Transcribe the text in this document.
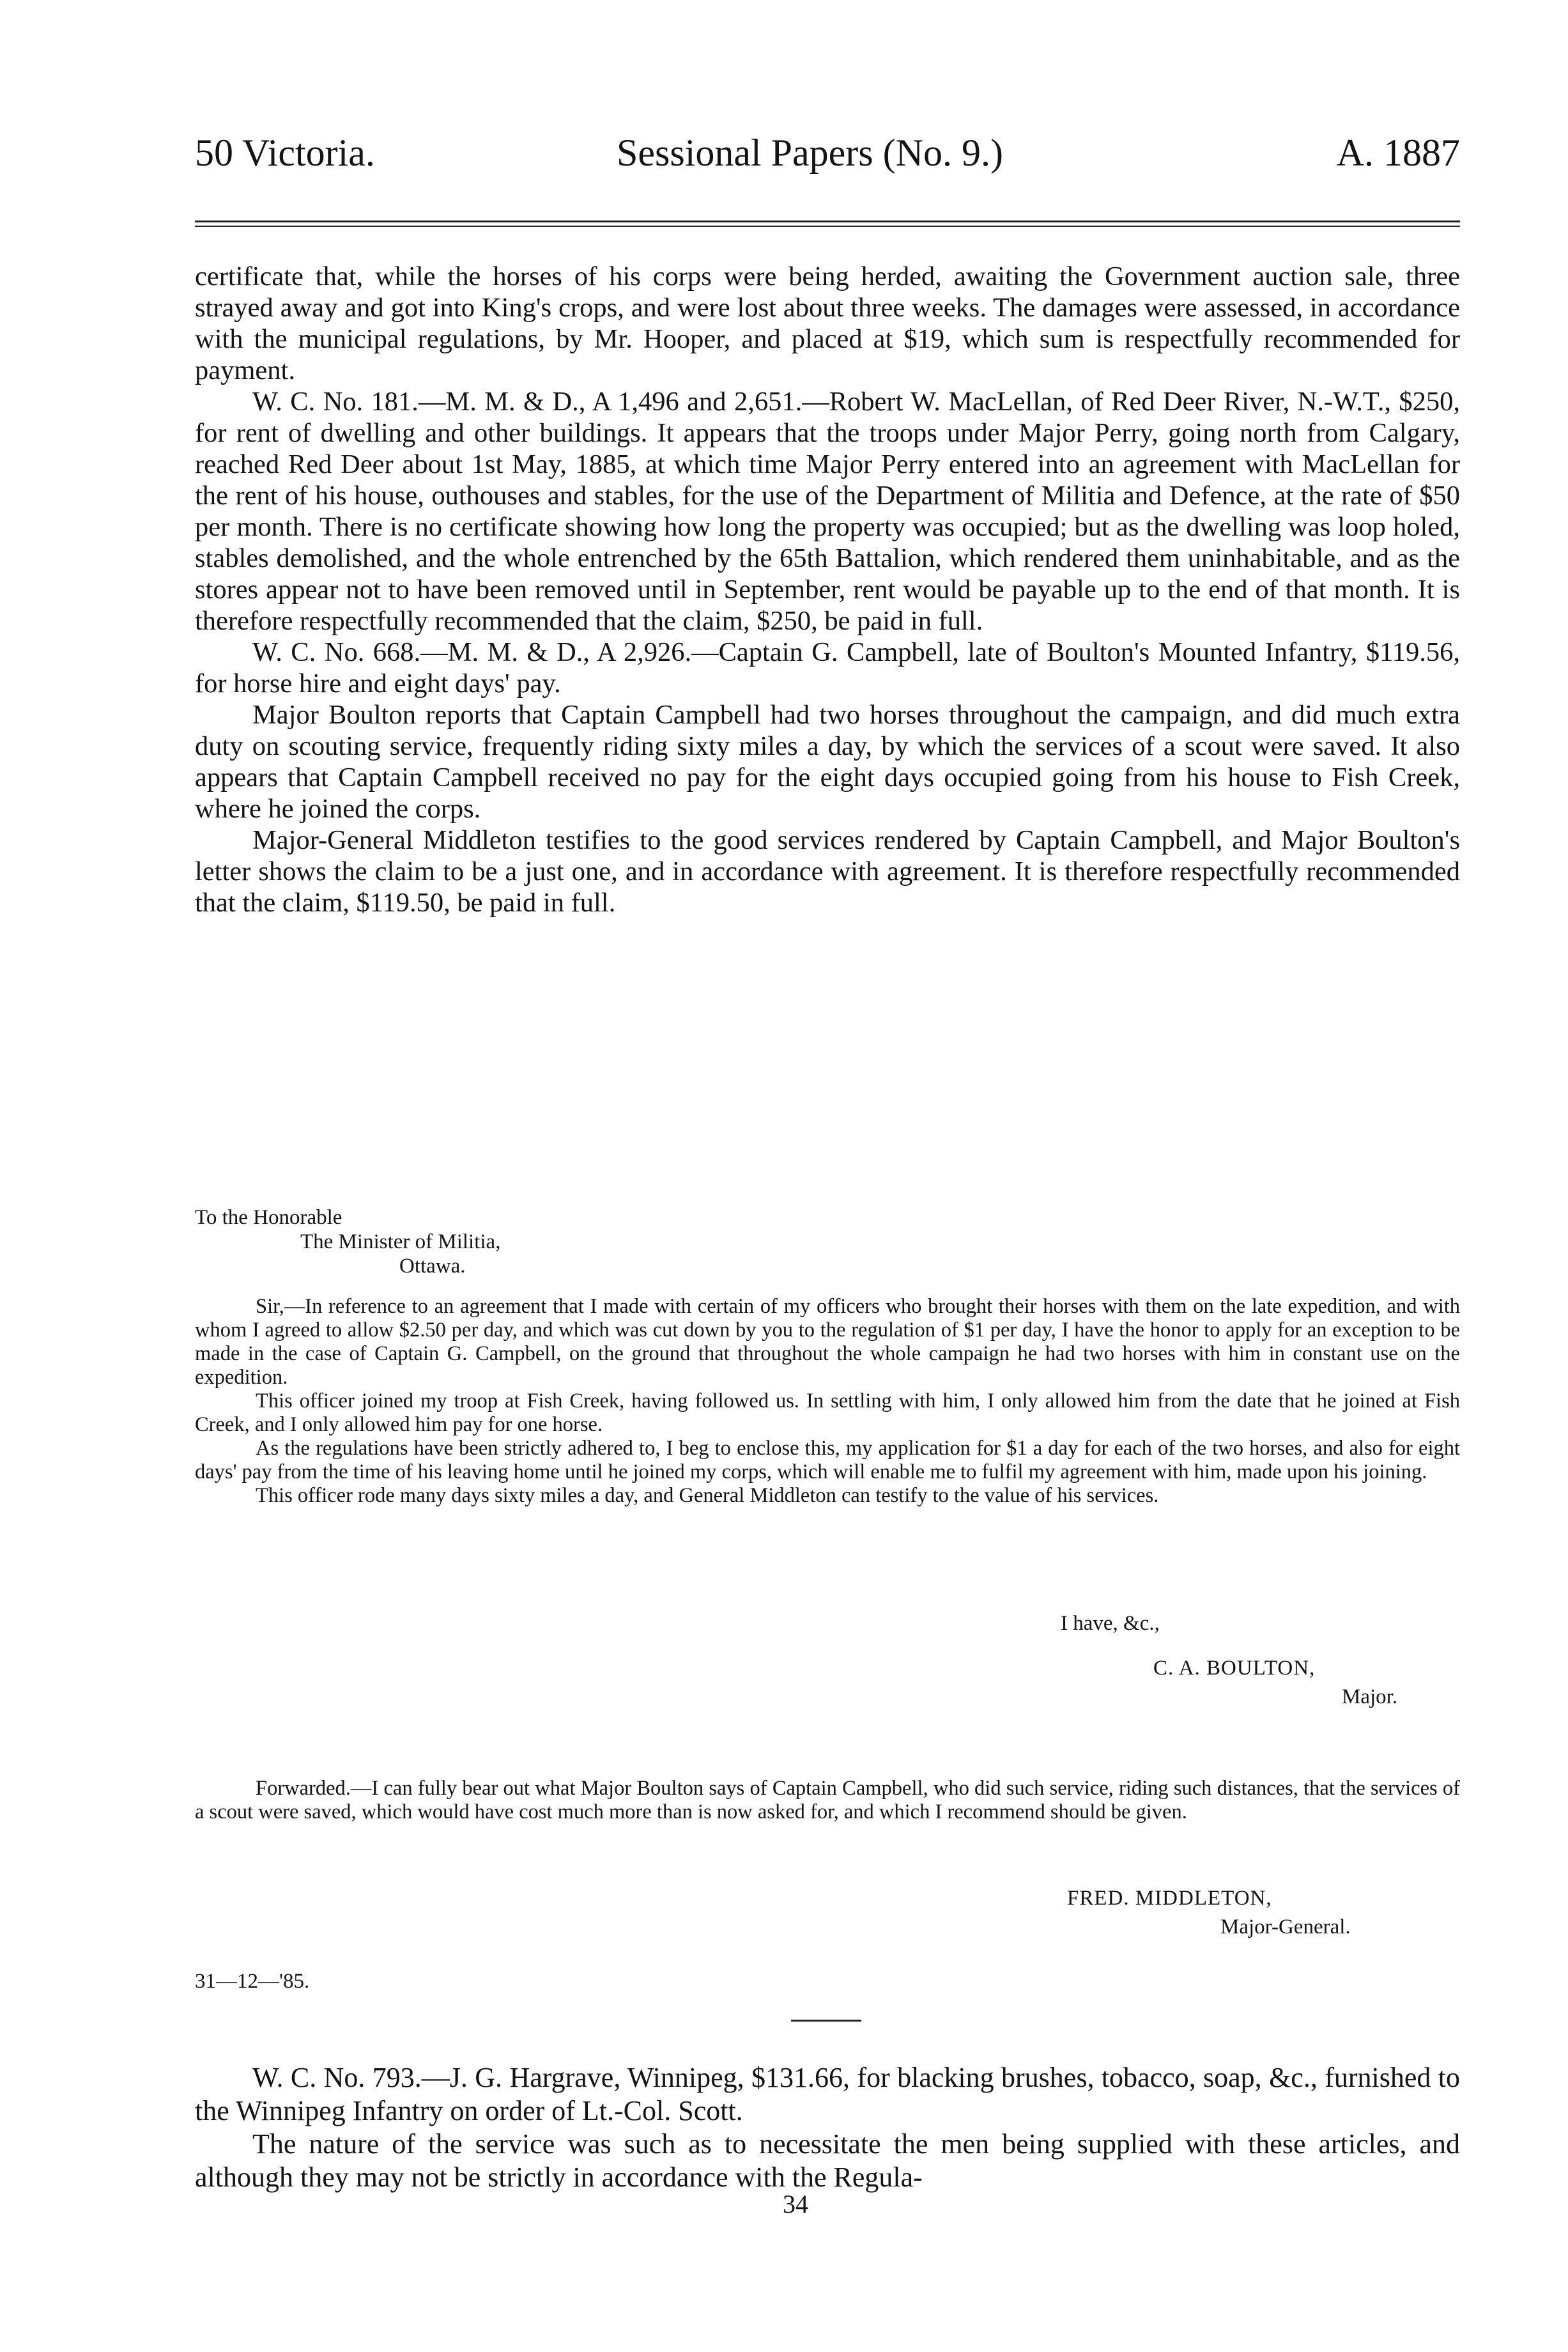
50 Victoria.	Sessional Papers (No. 9.)	A. 1887

certificate that, while the horses of his corps were being herded, awaiting the Government auction sale, three strayed away and got into King's crops, and were lost about three weeks. The damages were assessed, in accordance with the municipal regulations, by Mr. Hooper, and placed at $19, which sum is respectfully recommended for payment.

W. C. No. 181.—M. M. & D., A 1,496 and 2,651.—Robert W. MacLellan, of Red Deer River, N.-W.T., $250, for rent of dwelling and other buildings. It appears that the troops under Major Perry, going north from Calgary, reached Red Deer about 1st May, 1885, at which time Major Perry entered into an agreement with MacLellan for the rent of his house, outhouses and stables, for the use of the Department of Militia and Defence, at the rate of $50 per month. There is no certificate showing how long the property was occupied; but as the dwelling was loop holed, stables demolished, and the whole entrenched by the 65th Battalion, which rendered them uninhabitable, and as the stores appear not to have been removed until in September, rent would be payable up to the end of that month. It is therefore respectfully recommended that the claim, $250, be paid in full.

W. C. No. 668.—M. M. & D., A 2,926.—Captain G. Campbell, late of Boulton's Mounted Infantry, $119.56, for horse hire and eight days' pay.

Major Boulton reports that Captain Campbell had two horses throughout the campaign, and did much extra duty on scouting service, frequently riding sixty miles a day, by which the services of a scout were saved. It also appears that Captain Campbell received no pay for the eight days occupied going from his house to Fish Creek, where he joined the corps.

Major-General Middleton testifies to the good services rendered by Captain Campbell, and Major Boulton's letter shows the claim to be a just one, and in accordance with agreement. It is therefore respectfully recommended that the claim, $119.50, be paid in full.

To the Honorable
The Minister of Militia,
Ottawa.

Sir,—In reference to an agreement that I made with certain of my officers who brought their horses with them on the late expedition, and with whom I agreed to allow $2.50 per day, and which was cut down by you to the regulation of $1 per day, I have the honor to apply for an exception to be made in the case of Captain G. Campbell, on the ground that throughout the whole campaign he had two horses with him in constant use on the expedition.

This officer joined my troop at Fish Creek, having followed us. In settling with him, I only allowed him from the date that he joined at Fish Creek, and I only allowed him pay for one horse.

As the regulations have been strictly adhered to, I beg to enclose this, my application for $1 a day for each of the two horses, and also for eight days' pay from the time of his leaving home until he joined my corps, which will enable me to fulfil my agreement with him, made upon his joining.

This officer rode many days sixty miles a day, and General Middleton can testify to the value of his services.

I have, &c.,
C. A. BOULTON,
Major.

Forwarded.—I can fully bear out what Major Boulton says of Captain Campbell, who did such service, riding such distances, that the services of a scout were saved, which would have cost much more than is now asked for, and which I recommend should be given.

FRED. MIDDLETON,
Major-General.
31—12—'85.

W. C. No. 793.—J. G. Hargrave, Winnipeg, $131.66, for blacking brushes, tobacco, soap, &c., furnished to the Winnipeg Infantry on order of Lt.-Col. Scott.

The nature of the service was such as to necessitate the men being supplied with these articles, and although they may not be strictly in accordance with the Regula-

34
